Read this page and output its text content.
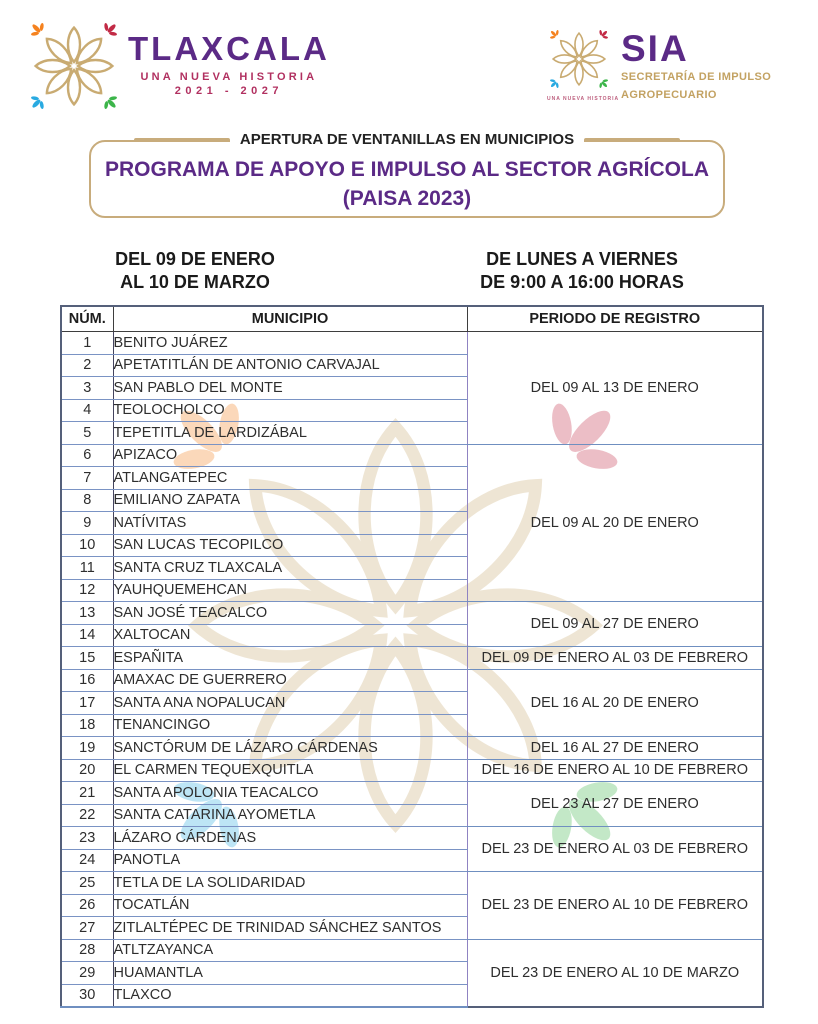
TLAXCALA
UNA NUEVA HISTORIA
2021 - 2027
UNA NUEVA HISTORIA
SIA
SECRETARÍA DE IMPULSO
AGROPECUARIO
APERTURA DE VENTANILLAS EN MUNICIPIOS
PROGRAMA DE APOYO E IMPULSO AL SECTOR AGRÍCOLA
(PAISA 2023)
DEL 09 DE ENERO
AL 10 DE MARZO
DE LUNES A VIERNES
DE 9:00 A 16:00 HORAS
NÚM.	MUNICIPIO	PERIODO DE REGISTRO
1	BENITO JUÁREZ	DEL 09 AL 13 DE ENERO
2	APETATITLÁN DE ANTONIO CARVAJAL	
3	SAN PABLO DEL MONTE	
4	TEOLOCHOLCO	
5	TEPETITLA DE LARDIZÁBAL	
6	APIZACO	DEL 09 AL 20 DE ENERO
7	ATLANGATEPEC	
8	EMILIANO ZAPATA	
9	NATÍVITAS	
10	SAN LUCAS TECOPILCO	
11	SANTA CRUZ TLAXCALA	
12	YAUHQUEMEHCAN	
13	SAN JOSÉ TEACALCO	DEL 09 AL 27 DE ENERO
14	XALTOCAN	
15	ESPAÑITA	DEL 09 DE ENERO AL 03 DE FEBRERO
16	AMAXAC DE GUERRERO	DEL 16 AL 20 DE ENERO
17	SANTA ANA NOPALUCAN	
18	TENANCINGO	
19	SANCTÓRUM DE LÁZARO CÁRDENAS	DEL 16 AL 27 DE ENERO
20	EL CARMEN TEQUEXQUITLA	DEL 16 DE ENERO AL 10 DE FEBRERO
21	SANTA APOLONIA TEACALCO	DEL 23 AL 27 DE ENERO
22	SANTA CATARINA AYOMETLA	
23	LÁZARO CÁRDENAS	DEL 23 DE ENERO AL 03 DE FEBRERO
24	PANOTLA	
25	TETLA DE LA SOLIDARIDAD	DEL 23 DE ENERO AL 10 DE FEBRERO
26	TOCATLÁN	
27	ZITLALTÉPEC DE TRINIDAD SÁNCHEZ SANTOS	
28	ATLTZAYANCA	DEL 23 DE ENERO AL 10 DE MARZO
29	HUAMANTLA	
30	TLAXCO	
